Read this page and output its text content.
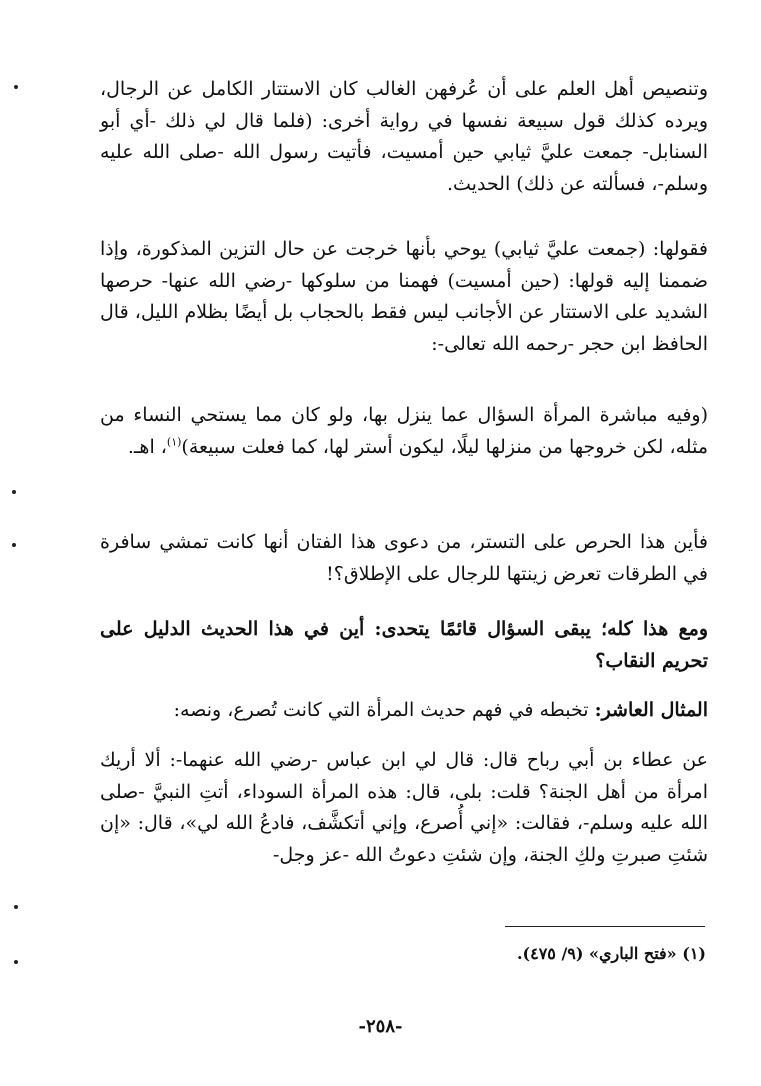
وتنصيص أهل العلم على أن عُرفهن الغالب كان الاستتار الكامل عن الرجال، ويرده كذلك قول سبيعة نفسها في رواية أخرى: (فلما قال لي ذلك -أي أبو السنابل- جمعت عليَّ ثيابي حين أمسيت، فأتيت رسول الله -صلى الله عليه وسلم-، فسألته عن ذلك) الحديث.

فقولها: (جمعت عليَّ ثيابي) يوحي بأنها خرجت عن حال التزين المذكورة، وإذا ضممنا إليه قولها: (حين أمسيت) فهمنا من سلوكها -رضي الله عنها- حرصها الشديد على الاستتار عن الأجانب ليس فقط بالحجاب بل أيضًا بظلام الليل، قال الحافظ ابن حجر -رحمه الله تعالى-:

(وفيه مباشرة المرأة السؤال عما ينزل بها، ولو كان مما يستحي النساء من مثله، لكن خروجها من منزلها ليلًا، ليكون أستر لها، كما فعلت سبيعة)$^{(١)}$، اهـ.

فأين هذا الحرص على التستر، من دعوى هذا الفتان أنها كانت تمشي سافرة في الطرقات تعرض زينتها للرجال على الإطلاق؟!

ومع هذا كله؛ يبقى السؤال قائمًا يتحدى: أين في هذا الحديث الدليل على تحريم النقاب؟

المثال العاشر: تخبطه في فهم حديث المرأة التي كانت تُصرع، ونصه:

عن عطاء بن أبي رباح قال: قال لي ابن عباس -رضي الله عنهما-: ألا أريك امرأة من أهل الجنة؟ قلت: بلى، قال: هذه المرأة السوداء، أتتِ النبيَّ -صلى الله عليه وسلم-، فقالت: «إني أُصرع، وإني أتكشَّف، فادعُ الله لي»، قال: «إن شئتِ صبرتِ ولكِ الجنة، وإن شئتِ دعوتُ الله -عز وجل-

(١) «فتح الباري» (٩/ ٤٧٥).
-٢٥٨-
